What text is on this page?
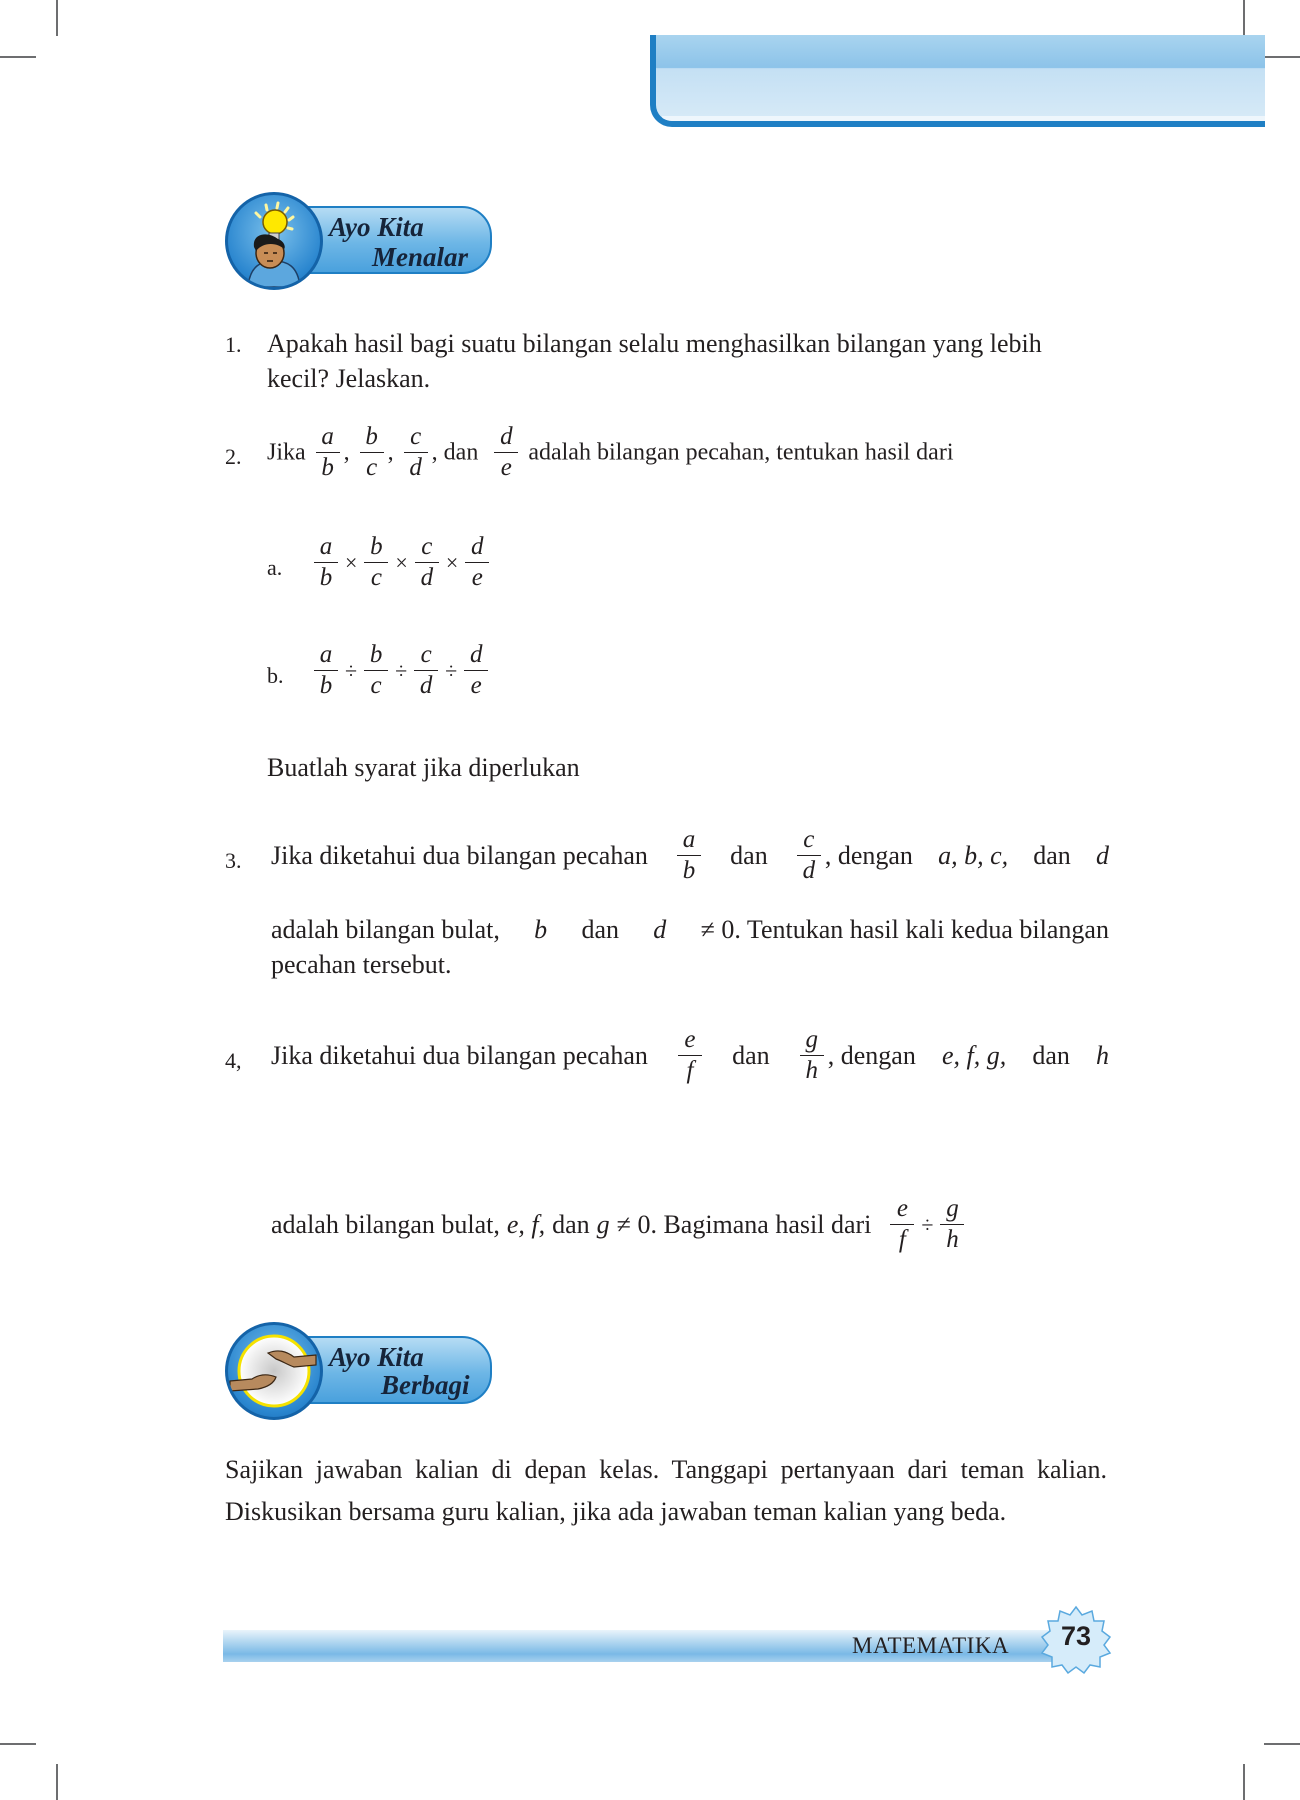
Ayo Kita
Menalar
1. Apakah hasil bagi suatu bilangan selalu menghasilkan bilangan yang lebih
kecil? Jelaskan.
2. Jika $\frac{a}{b}$ , $\frac{b}{c}$ , $\frac{c}{d}$ , dan $\frac{d}{e}$ adalah bilangan pecahan, tentukan hasil dari
a. $\frac{a}{b} \times \frac{b}{c} \times \frac{c}{d} \times \frac{d}{e}$
b. $\frac{a}{b} \div \frac{b}{c} \div \frac{c}{d} \div \frac{d}{e}$
Buatlah syarat jika diperlukan
3. Jika diketahui dua bilangan pecahan $\frac{a}{b}$ dan $\frac{c}{d}$ , dengan a, b, c, dan d
adalah bilangan bulat, b dan d ≠ 0. Tentukan hasil kali kedua bilangan
pecahan tersebut.
4, Jika diketahui dua bilangan pecahan $\frac{e}{f}$ dan $\frac{g}{h}$ , dengan e, f, g, dan h
adalah bilangan bulat, e, f, dan g ≠ 0. Bagimana hasil dari $\frac{e}{f} \div \frac{g}{h}$
Ayo Kita
Berbagi
Sajikan jawaban kalian di depan kelas. Tanggapi pertanyaan dari teman kalian.
Diskusikan bersama guru kalian, jika ada jawaban teman kalian yang beda.
MATEMATIKA	73
